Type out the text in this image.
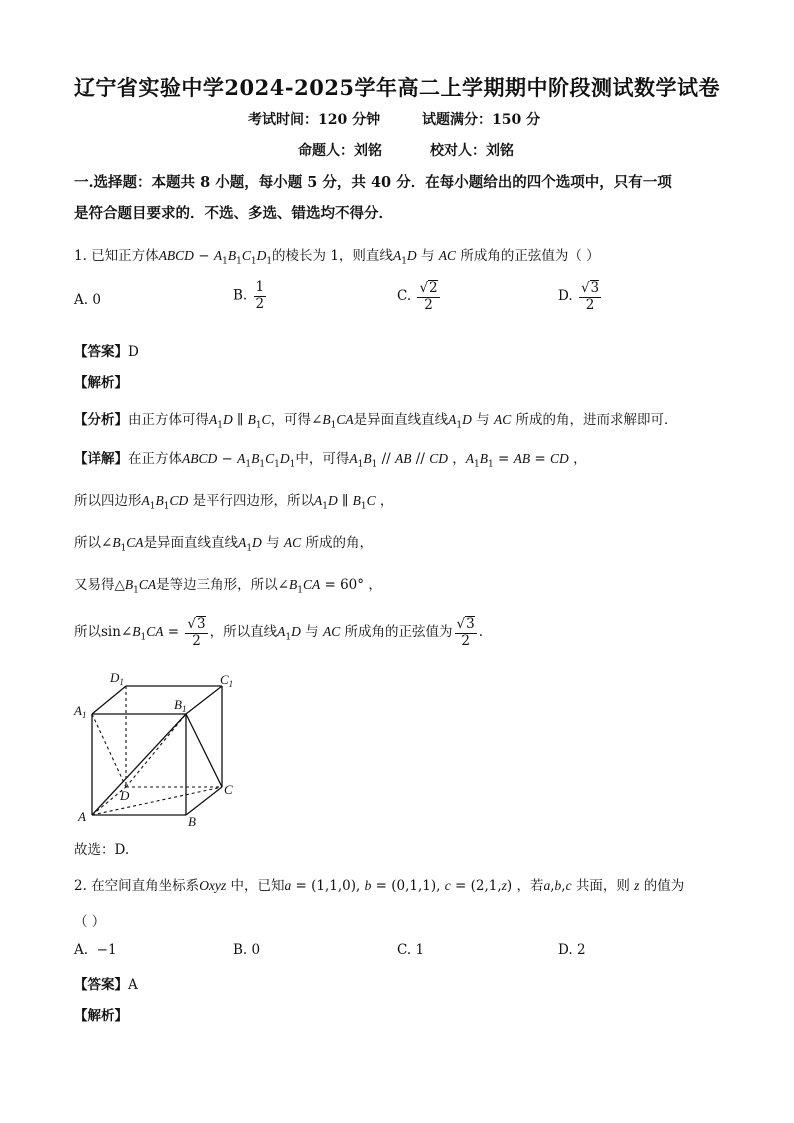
辽宁省实验中学2024-2025学年高二上学期期中阶段测试数学试卷
考试时间：120 分钟	试题满分：150 分
命题人：刘铭	校对人：刘铭
一.选择题：本题共 8 小题，每小题 5 分，共 40 分．在每小题给出的四个选项中，只有一项
是符合题目要求的．不选、多选、错选均不得分．
1. 已知正方体ABCD − $A_1B_1C_1D_1$的棱长为 1，则直线$A_1D$ 与 AC 所成角的正弦值为（ ）
A. 0	B. $\frac{1}{2}$	C. $\frac{√2}{2}$	D. $\frac{√3}{2}$
【答案】D
【解析】
【分析】由正方体可得$A_1D$ ∥ $B_1C$，可得$\angle B_1CA$是异面直线直线$A_1D$ 与 AC 所成的角，进而求解即可．
【详解】在正方体ABCD − $A_1B_1C_1D_1$中，可得$A_1B_1$ // AB // CD ，$A_1B_1$ = AB = CD ，
所以四边形$A_1B_1CD$ 是平行四边形，所以$A_1D$ ∥ $B_1C$ ，
所以$\angle B_1CA$是异面直线直线$A_1D$ 与 AC 所成的角，
又易得$\triangle B_1CA$是等边三角形，所以$\angle B_1CA = 60^\circ$ ，
所以$\sin\angle B_1CA = \frac{√3}{2}$ ，所以直线$A_1D$ 与 AC 所成角的正弦值为 $\frac{√3}{2}$ .
$D_1$	$C_1$
$A_1$
$B_1$
D	C
A	B
故选：D.
2. 在空间直角坐标系Oxyz 中，已知a = (1,1,0), b = (0,1,1), c = (2,1,z) ，若a,b,c 共面，则 z 的值为
（ ）
A. −1	B. 0	C. 1	D. 2
【答案】A
【解析】
